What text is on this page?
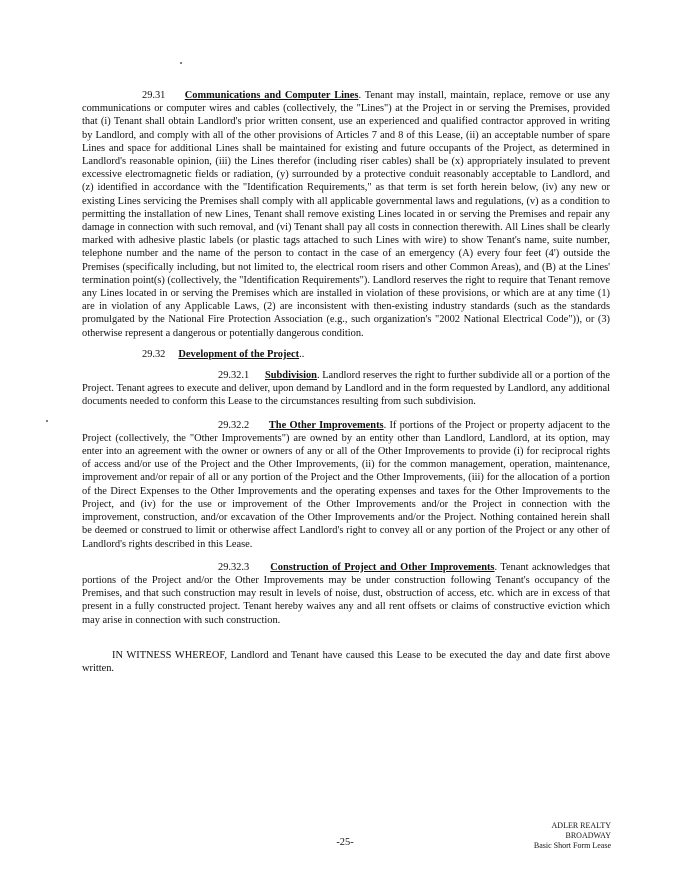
29.31 Communications and Computer Lines. Tenant may install, maintain, replace, remove or use any communications or computer wires and cables (collectively, the "Lines") at the Project in or serving the Premises, provided that (i) Tenant shall obtain Landlord's prior written consent, use an experienced and qualified contractor approved in writing by Landlord, and comply with all of the other provisions of Articles 7 and 8 of this Lease, (ii) an acceptable number of spare Lines and space for additional Lines shall be maintained for existing and future occupants of the Project, as determined in Landlord's reasonable opinion, (iii) the Lines therefor (including riser cables) shall be (x) appropriately insulated to prevent excessive electromagnetic fields or radiation, (y) surrounded by a protective conduit reasonably acceptable to Landlord, and (z) identified in accordance with the "Identification Requirements," as that term is set forth herein below, (iv) any new or existing Lines servicing the Premises shall comply with all applicable governmental laws and regulations, (v) as a condition to permitting the installation of new Lines, Tenant shall remove existing Lines located in or serving the Premises and repair any damage in connection with such removal, and (vi) Tenant shall pay all costs in connection therewith. All Lines shall be clearly marked with adhesive plastic labels (or plastic tags attached to such Lines with wire) to show Tenant's name, suite number, telephone number and the name of the person to contact in the case of an emergency (A) every four feet (4') outside the Premises (specifically including, but not limited to, the electrical room risers and other Common Areas), and (B) at the Lines' termination point(s) (collectively, the "Identification Requirements"). Landlord reserves the right to require that Tenant remove any Lines located in or serving the Premises which are installed in violation of these provisions, or which are at any time (1) are in violation of any Applicable Laws, (2) are inconsistent with then-existing industry standards (such as the standards promulgated by the National Fire Protection Association (e.g., such organization's "2002 National Electrical Code")), or (3) otherwise represent a dangerous or potentially dangerous condition.

29.32 Development of the Project..

29.32.1 Subdivision. Landlord reserves the right to further subdivide all or a portion of the Project. Tenant agrees to execute and deliver, upon demand by Landlord and in the form requested by Landlord, any additional documents needed to conform this Lease to the circumstances resulting from such subdivision.

29.32.2 The Other Improvements. If portions of the Project or property adjacent to the Project (collectively, the "Other Improvements") are owned by an entity other than Landlord, Landlord, at its option, may enter into an agreement with the owner or owners of any or all of the Other Improvements to provide (i) for reciprocal rights of access and/or use of the Project and the Other Improvements, (ii) for the common management, operation, maintenance, improvement and/or repair of all or any portion of the Project and the Other Improvements, (iii) for the allocation of a portion of the Direct Expenses to the Other Improvements and the operating expenses and taxes for the Other Improvements to the Project, and (iv) for the use or improvement of the Other Improvements and/or the Project in connection with the improvement, construction, and/or excavation of the Other Improvements and/or the Project. Nothing contained herein shall be deemed or construed to limit or otherwise affect Landlord's right to convey all or any portion of the Project or any other of Landlord's rights described in this Lease.

29.32.3 Construction of Project and Other Improvements. Tenant acknowledges that portions of the Project and/or the Other Improvements may be under construction following Tenant's occupancy of the Premises, and that such construction may result in levels of noise, dust, obstruction of access, etc. which are in excess of that present in a fully constructed project. Tenant hereby waives any and all rent offsets or claims of constructive eviction which may arise in connection with such construction.

IN WITNESS WHEREOF, Landlord and Tenant have caused this Lease to be executed the day and date first above written.

-25-
ADLER REALTY
BROADWAY
Basic Short Form Lease
